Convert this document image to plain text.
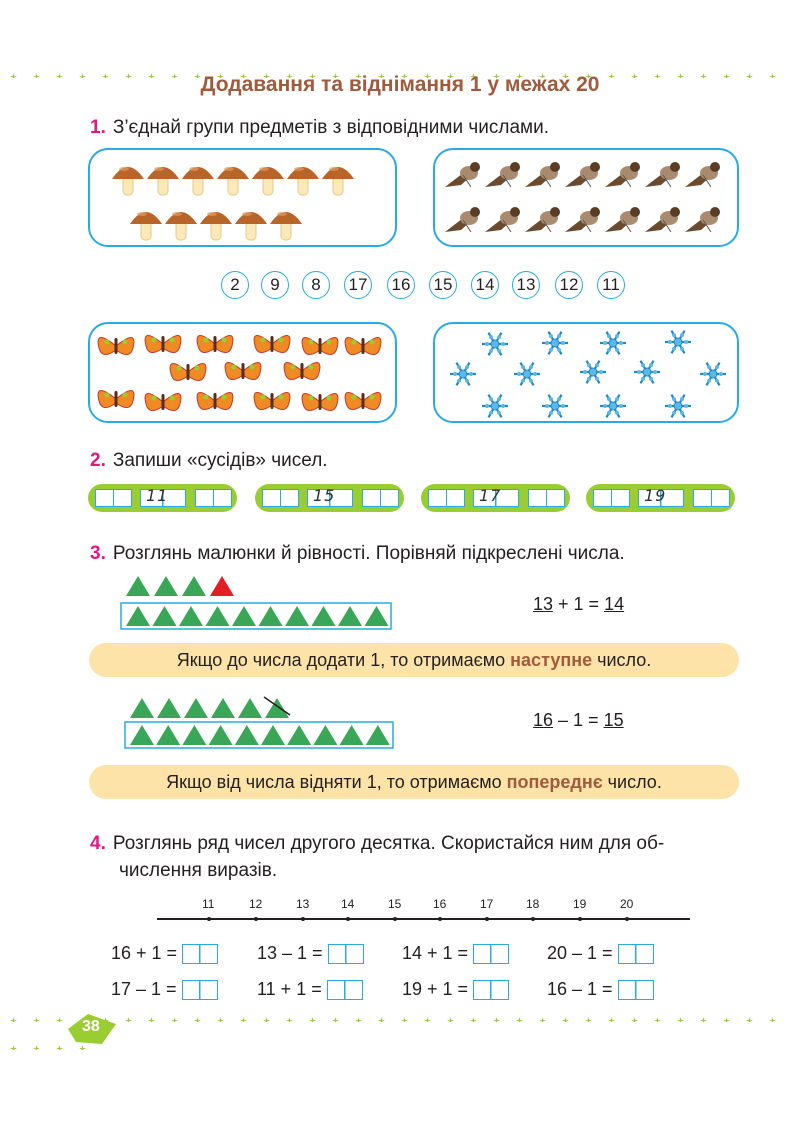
Додавання та віднімання 1 у межах 20
1. З’єднай групи предметів з відповідними числами.
2	9	8	17 16 15 14 13 12	11
2. Запиши «сусідів» чисел.
11	15	17	19
3. Розглянь малюнки й рівності. Порівняй підкреслені числа.
13 + 1 = 14
Якщо до числа додати 1, то отримаємо наступне число.
16 – 1 = 15
Якщо від числа відняти 1, то отримаємо попереднє число.
4. Розглянь ряд чисел другого десятка. Скористайся ним для об-
числення виразів.
11	12	13	14	15	16	17	18	19	20
16 + 1 =	13 – 1 =	14 + 1 =	20 – 1 =
17 – 1 =	11 + 1 =	19 + 1 =	16 – 1 =
38
